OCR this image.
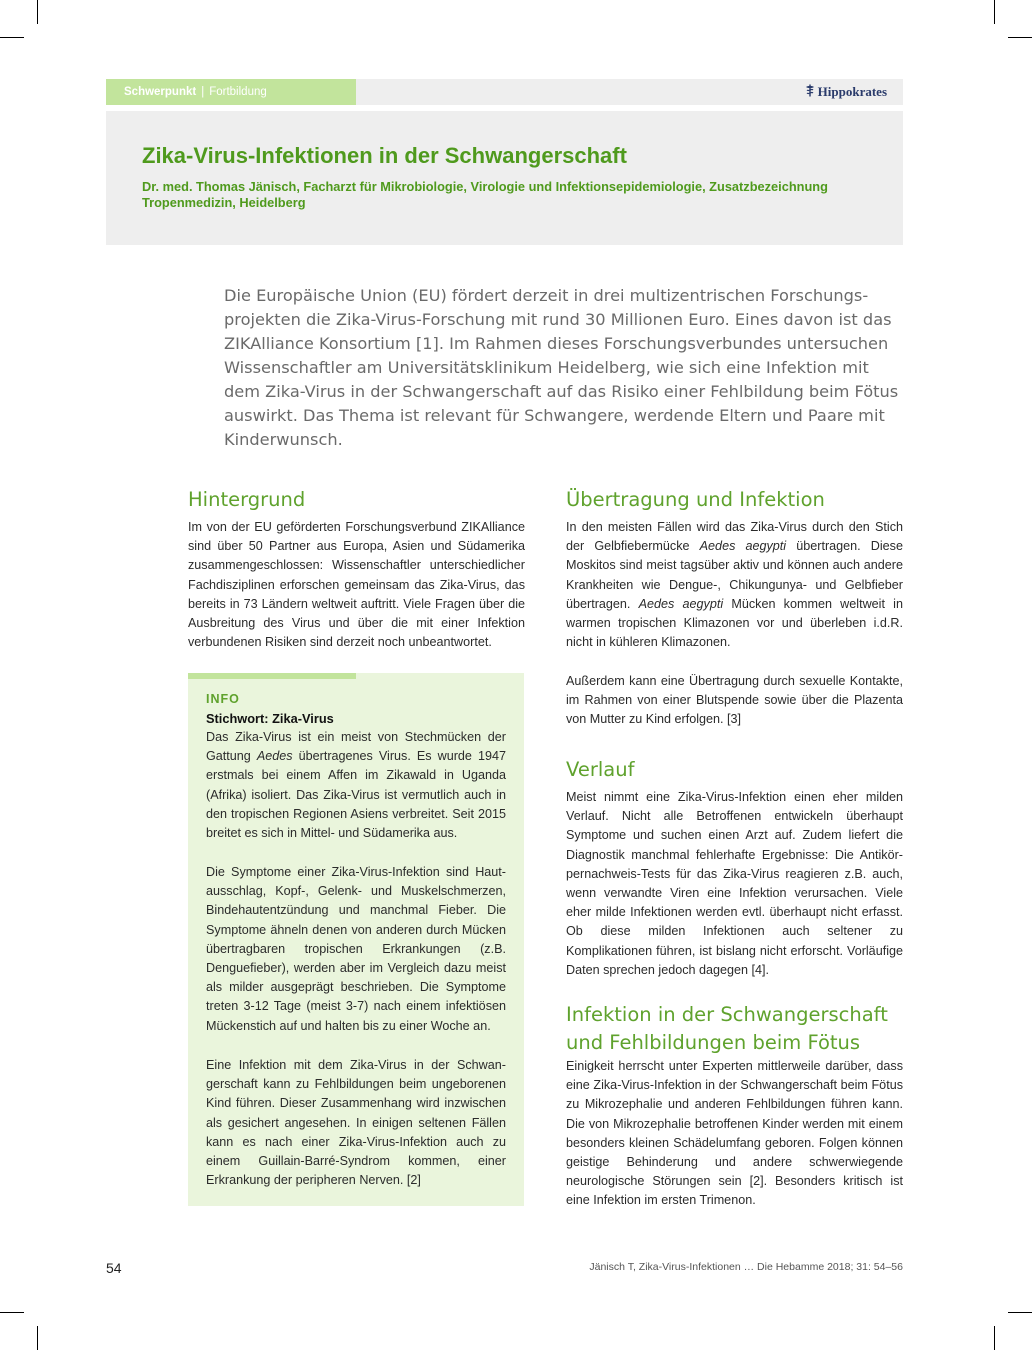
Schwerpunkt | Fortbildung	Hippokrates
Zika-Virus-Infektionen in der Schwangerschaft

Dr. med. Thomas Jänisch, Facharzt für Mikrobiologie, Virologie und Infektionsepidemiologie, Zusatzbezeichnung Tropenmedizin, Heidelberg

Die Europäische Union (EU) fördert derzeit in drei multizentrischen Forschungsprojekten die Zika-Virus-Forschung mit rund 30 Millionen Euro. Eines davon ist das ZIKAlliance Konsortium [1]. Im Rahmen dieses Forschungsverbundes untersuchen Wissenschaftler am Universitätsklinikum Heidelberg, wie sich eine Infektion mit dem Zika-Virus in der Schwangerschaft auf das Risiko einer Fehlbildung beim Fötus auswirkt. Das Thema ist relevant für Schwangere, werdende Eltern und Paare mit Kinderwunsch.

Hintergrund

Im von der EU geförderten Forschungsverbund ZIKAlliance sind über 50 Partner aus Europa, Asien und Südamerika zusammengeschlossen: Wissenschaftler unterschiedlicher Fachdisziplinen erforschen gemeinsam das Zika-Virus, das bereits in 73 Ländern weltweit auftritt. Viele Fragen über die Ausbreitung des Virus und über die mit einer Infektion verbundenen Risiken sind derzeit noch unbeantwortet.

INFO

Stichwort: Zika-Virus

Das Zika-Virus ist ein meist von Stechmücken der Gattung Aedes übertragenes Virus. Es wurde 1947 erstmals bei einem Affen im Zikawald in Uganda (Afrika) isoliert. Das Zika-Virus ist vermutlich auch in den tropischen Regionen Asiens verbreitet. Seit 2015 breitet es sich in Mittel- und Südamerika aus.

Die Symptome einer Zika-Virus-Infektion sind Hautausschlag, Kopf-, Gelenk- und Muskelschmerzen, Bindehautentzündung und manchmal Fieber. Die Symptome ähneln denen von anderen durch Mücken übertragbaren tropischen Erkrankungen (z.B. Denguefieber), werden aber im Vergleich dazu meist als milder ausgeprägt beschrieben. Die Symptome treten 3-12 Tage (meist 3-7) nach einem infektiösen Mückenstich auf und halten bis zu einer Woche an.

Eine Infektion mit dem Zika-Virus in der Schwangerschaft kann zu Fehlbildungen beim ungeborenen Kind führen. Dieser Zusammenhang wird inzwischen als gesichert angesehen. In einigen seltenen Fällen kann es nach einer Zika-Virus-Infektion auch zu einem Guillain-Barré-Syndrom kommen, einer Erkrankung der peripheren Nerven. [2]

Übertragung und Infektion

In den meisten Fällen wird das Zika-Virus durch den Stich der Gelbfiebermücke Aedes aegypti übertragen. Diese Moskitos sind meist tagsüber aktiv und können auch andere Krankheiten wie Dengue-, Chikungunya- und Gelbfieber übertragen. Aedes aegypti Mücken kommen weltweit in warmen tropischen Klimazonen vor und überleben i.d.R. nicht in kühleren Klimazonen.

Außerdem kann eine Übertragung durch sexuelle Kontakte, im Rahmen von einer Blutspende sowie über die Plazenta von Mutter zu Kind erfolgen. [3]

Verlauf

Meist nimmt eine Zika-Virus-Infektion einen eher milden Verlauf. Nicht alle Betroffenen entwickeln überhaupt Symptome und suchen einen Arzt auf. Zudem liefert die Diagnostik manchmal fehlerhafte Ergebnisse: Die Antikörpernachweis-Tests für das Zika-Virus reagieren z.B. auch, wenn verwandte Viren eine Infektion verursachen. Viele eher milde Infektionen werden evtl. überhaupt nicht erfasst. Ob diese milden Infektionen auch seltener zu Komplikationen führen, ist bislang nicht erforscht. Vorläufige Daten sprechen jedoch dagegen [4].

Infektion in der Schwangerschaft und Fehlbildungen beim Fötus

Einigkeit herrscht unter Experten mittlerweile darüber, dass eine Zika-Virus-Infektion in der Schwangerschaft beim Fötus zu Mikrozephalie und anderen Fehlbildungen führen kann. Die von Mikrozephalie betroffenen Kinder werden mit einem besonders kleinen Schädelumfang geboren. Folgen können geistige Behinderung und andere schwerwiegende neurologische Störungen sein [2]. Besonders kritisch ist eine Infektion im ersten Trimenon.

54	Jänisch T, Zika-Virus-Infektionen … Die Hebamme 2018; 31: 54–56
